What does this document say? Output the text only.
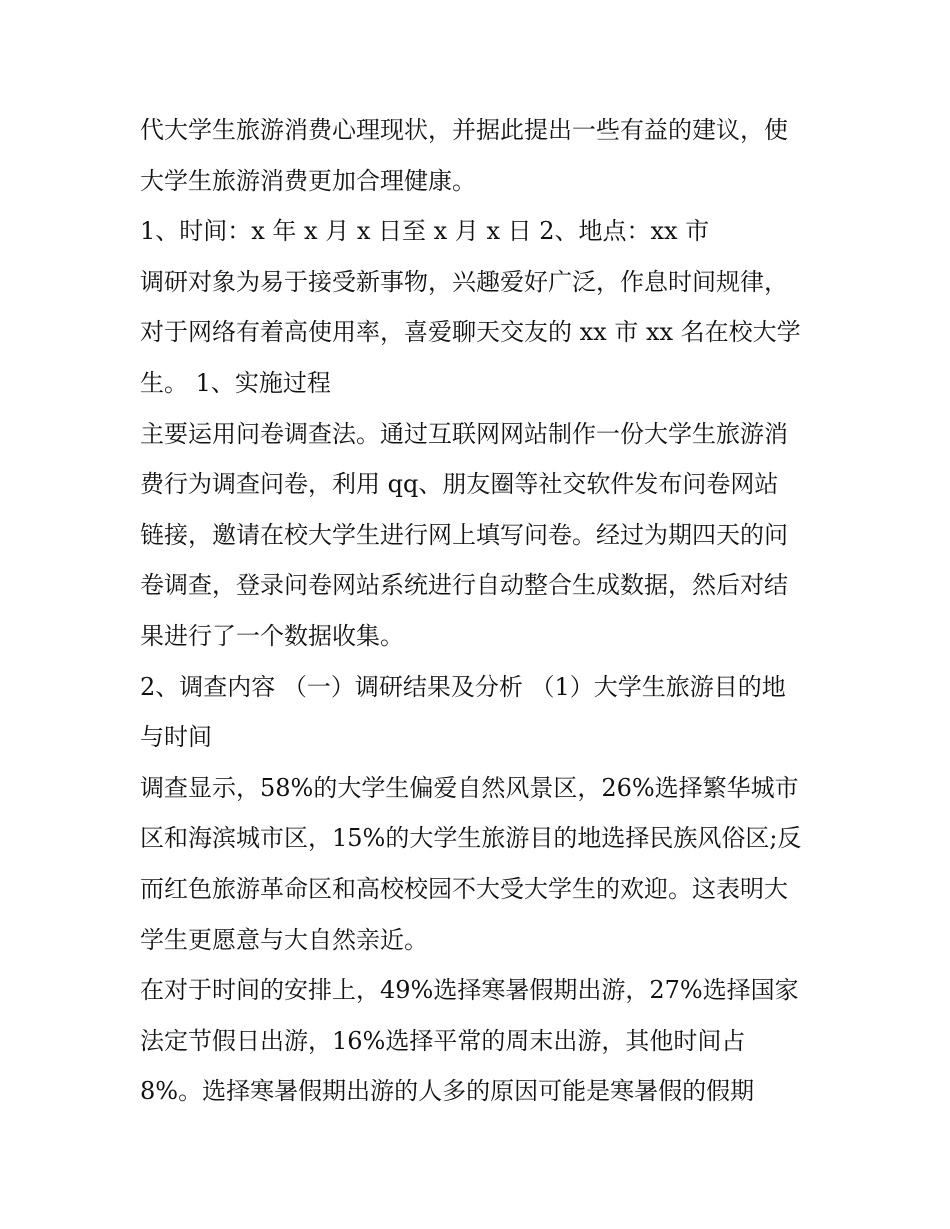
代大学生旅游消费心理现状，并据此提出一些有益的建议，使
大学生旅游消费更加合理健康。
1、时间：x 年 x 月 x 日至 x 月 x 日 2、地点：xx 市
调研对象为易于接受新事物，兴趣爱好广泛，作息时间规律，
对于网络有着高使用率，喜爱聊天交友的 xx 市 xx 名在校大学
生。 1、实施过程
主要运用问卷调查法。通过互联网网站制作一份大学生旅游消
费行为调查问卷，利用 qq、朋友圈等社交软件发布问卷网站
链接，邀请在校大学生进行网上填写问卷。经过为期四天的问
卷调查，登录问卷网站系统进行自动整合生成数据，然后对结
果进行了一个数据收集。
2、调查内容 （一）调研结果及分析 （1）大学生旅游目的地
与时间
调查显示，58%的大学生偏爱自然风景区，26%选择繁华城市
区和海滨城市区，15%的大学生旅游目的地选择民族风俗区;反
而红色旅游革命区和高校校园不大受大学生的欢迎。这表明大
学生更愿意与大自然亲近。
在对于时间的安排上，49%选择寒暑假期出游，27%选择国家
法定节假日出游，16%选择平常的周末出游，其他时间占
8%。选择寒暑假期出游的人多的原因可能是寒暑假的假期
